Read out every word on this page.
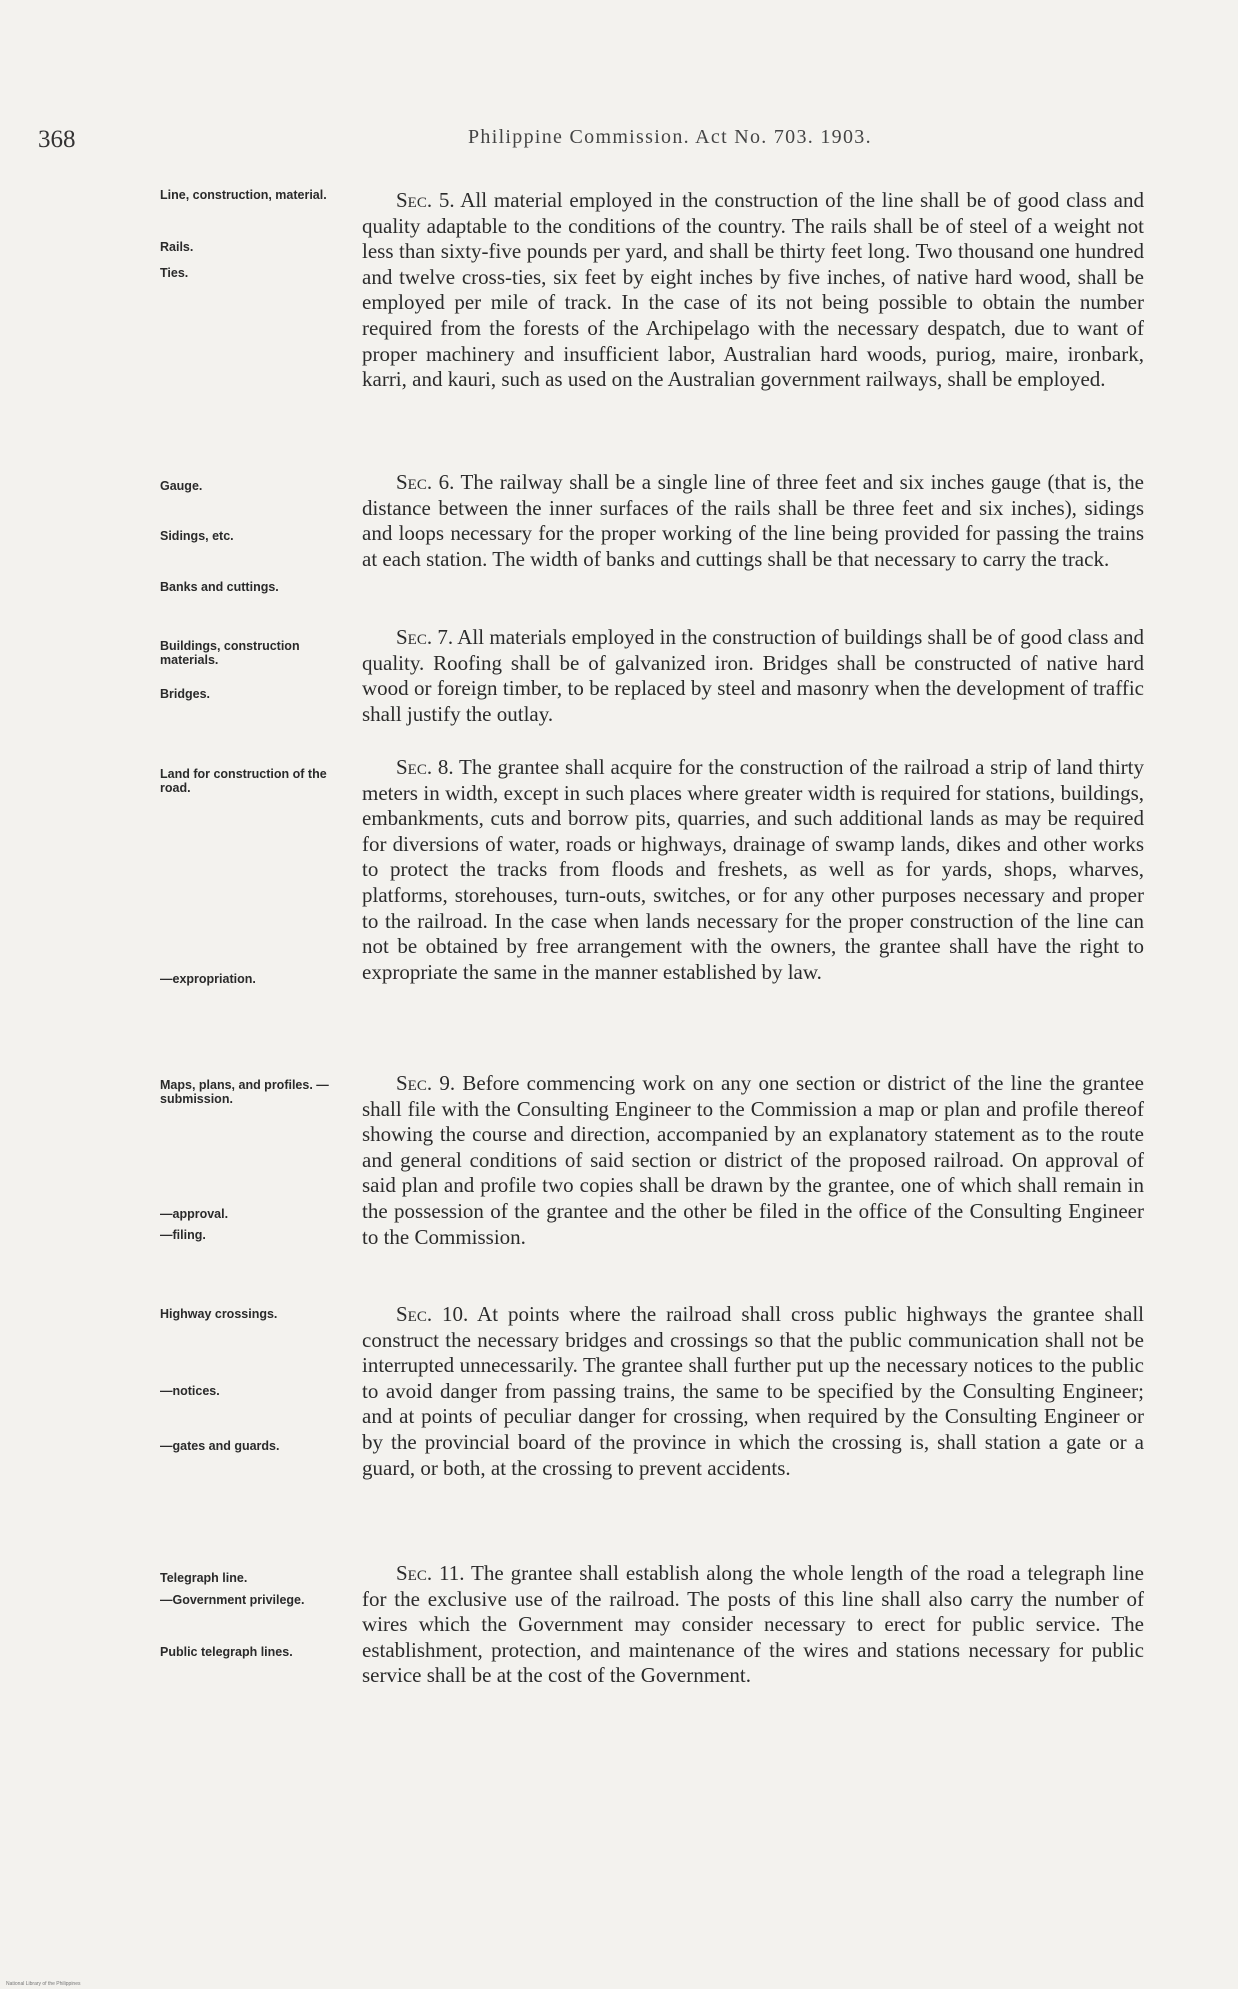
368	Philippine Commission. Act No. 703. 1903.
Line, construction, material.
Rails.
Ties.
Sec. 5. All material employed in the construction of the line shall be of good class and quality adaptable to the conditions of the country. The rails shall be of steel of a weight not less than sixty-five pounds per yard, and shall be thirty feet long. Two thousand one hundred and twelve cross-ties, six feet by eight inches by five inches, of native hard wood, shall be employed per mile of track. In the case of its not being possible to obtain the number required from the forests of the Archipelago with the necessary despatch, due to want of proper machinery and insufficient labor, Australian hard woods, puriog, maire, ironbark, karri, and kauri, such as used on the Australian government railways, shall be employed.
Gauge.
Sidings, etc.
Banks and cuttings.
Sec. 6. The railway shall be a single line of three feet and six inches gauge (that is, the distance between the inner surfaces of the rails shall be three feet and six inches), sidings and loops necessary for the proper working of the line being provided for passing the trains at each station. The width of banks and cuttings shall be that necessary to carry the track.
Buildings, construction materials.
Bridges.
Sec. 7. All materials employed in the construction of buildings shall be of good class and quality. Roofing shall be of galvanized iron. Bridges shall be constructed of native hard wood or foreign timber, to be replaced by steel and masonry when the development of traffic shall justify the outlay.
Land for construction of the road.
—expropriation.
Sec. 8. The grantee shall acquire for the construction of the railroad a strip of land thirty meters in width, except in such places where greater width is required for stations, buildings, embankments, cuts and borrow pits, quarries, and such additional lands as may be required for diversions of water, roads or highways, drainage of swamp lands, dikes and other works to protect the tracks from floods and freshets, as well as for yards, shops, wharves, platforms, storehouses, turn-outs, switches, or for any other purposes necessary and proper to the railroad. In the case when lands necessary for the proper construction of the line can not be obtained by free arrangement with the owners, the grantee shall have the right to expropriate the same in the manner established by law.
Maps, plans, and profiles. —submission.
—approval.
—filing.
Sec. 9. Before commencing work on any one section or district of the line the grantee shall file with the Consulting Engineer to the Commission a map or plan and profile thereof showing the course and direction, accompanied by an explanatory statement as to the route and general conditions of said section or district of the proposed railroad. On approval of said plan and profile two copies shall be drawn by the grantee, one of which shall remain in the possession of the grantee and the other be filed in the office of the Consulting Engineer to the Commission.
Highway crossings.
—notices.
—gates and guards.
Sec. 10. At points where the railroad shall cross public highways the grantee shall construct the necessary bridges and crossings so that the public communication shall not be interrupted unnecessarily. The grantee shall further put up the necessary notices to the public to avoid danger from passing trains, the same to be specified by the Consulting Engineer; and at points of peculiar danger for crossing, when required by the Consulting Engineer or by the provincial board of the province in which the crossing is, shall station a gate or a guard, or both, at the crossing to prevent accidents.
Telegraph line.
—Government privilege.
Public telegraph lines.
Sec. 11. The grantee shall establish along the whole length of the road a telegraph line for the exclusive use of the railroad. The posts of this line shall also carry the number of wires which the Government may consider necessary to erect for public service. The establishment, protection, and maintenance of the wires and stations necessary for public service shall be at the cost of the Government.
National Library of the Philippines
